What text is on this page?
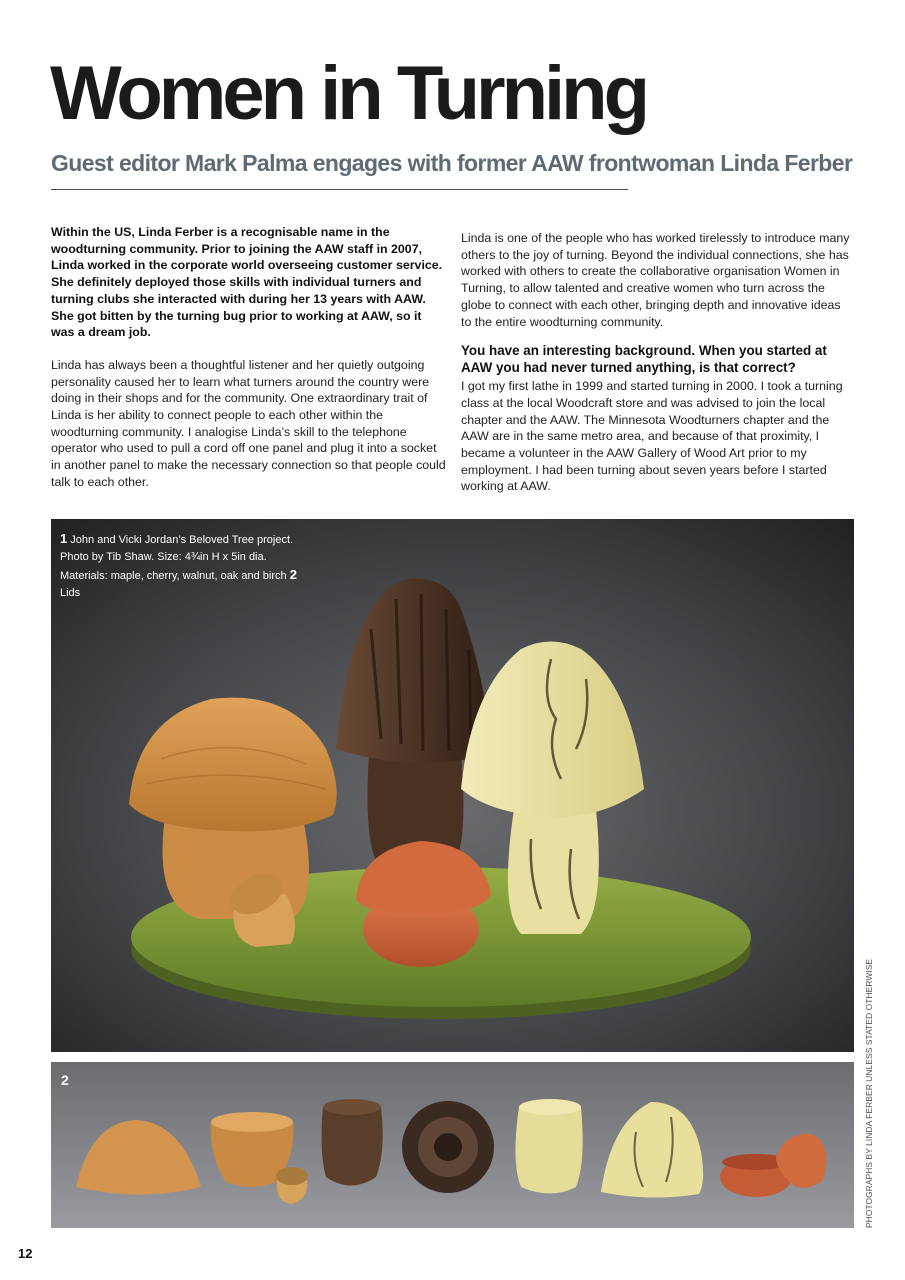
Women in Turning
Guest editor Mark Palma engages with former AAW frontwoman Linda Ferber

Within the US, Linda Ferber is a recognisable name in the woodturning community. Prior to joining the AAW staff in 2007, Linda worked in the corporate world overseeing customer service. She definitely deployed those skills with individual turners and turning clubs she interacted with during her 13 years with AAW. She got bitten by the turning bug prior to working at AAW, so it was a dream job.

Linda has always been a thoughtful listener and her quietly outgoing personality caused her to learn what turners around the country were doing in their shops and for the community. One extraordinary trait of Linda is her ability to connect people to each other within the woodturning community. I analogise Linda’s skill to the telephone operator who used to pull a cord off one panel and plug it into a socket in another panel to make the necessary connection so that people could talk to each other.

Linda is one of the people who has worked tirelessly to introduce many others to the joy of turning. Beyond the individual connections, she has worked with others to create the collaborative organisation Women in Turning, to allow talented and creative women who turn across the globe to connect with each other, bringing depth and innovative ideas to the entire woodturning community.

You have an interesting background. When you started at AAW you had never turned anything, is that correct?

I got my first lathe in 1999 and started turning in 2000. I took a turning class at the local Woodcraft store and was advised to join the local chapter and the AAW. The Minnesota Woodturners chapter and the AAW are in the same metro area, and because of that proximity, I became a volunteer in the AAW Gallery of Wood Art prior to my employment. I had been turning about seven years before I started working at AAW.

1 John and Vicki Jordan’s Beloved Tree project. Photo by Tib Shaw. Size: 4¾in H x 5in dia. Materials: maple, cherry, walnut, oak and birch 2 Lids
2	PHOTOGRAPHS BY LINDA FERBER UNLESS STATED OTHERWISE
12
